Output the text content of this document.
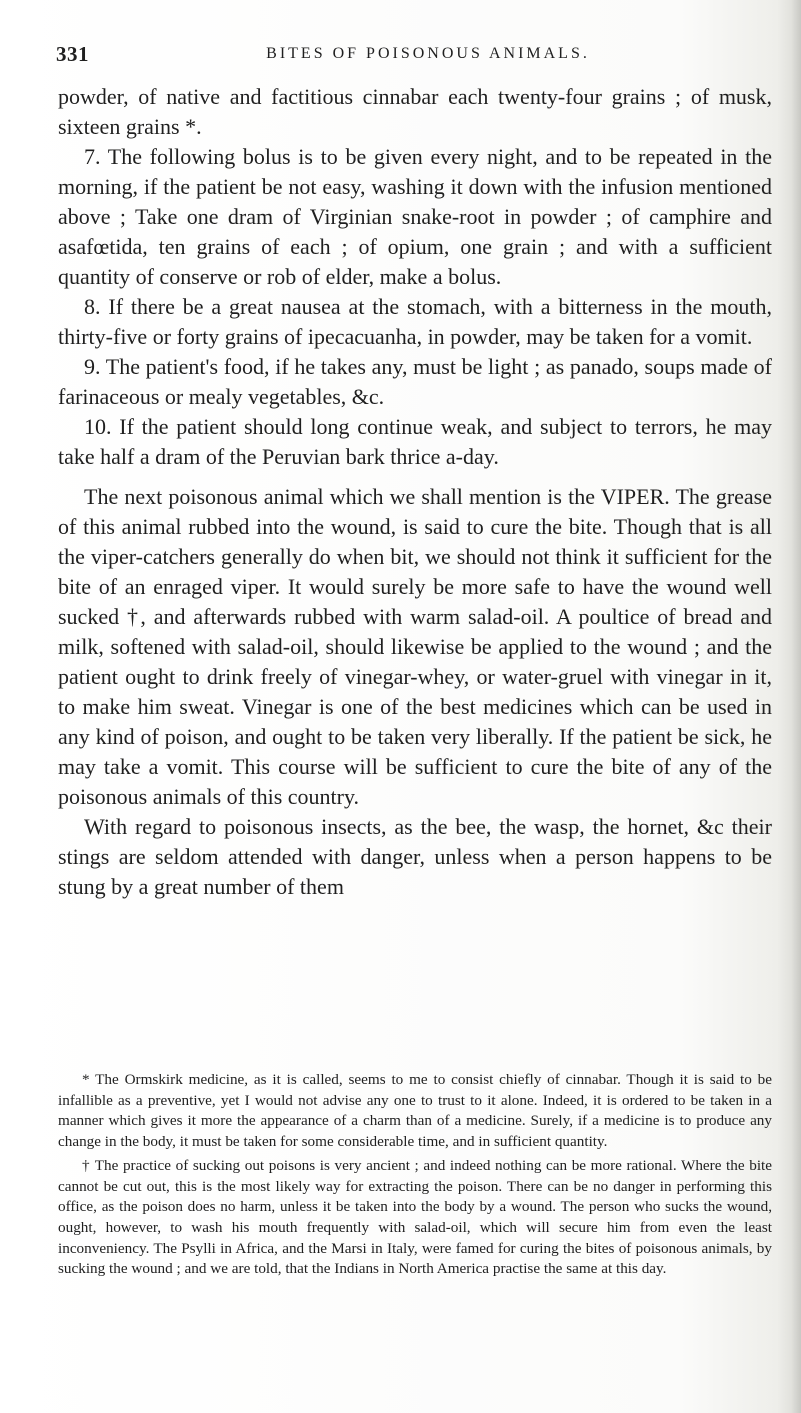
331	BITES OF POISONOUS ANIMALS.

powder, of native and factitious cinnabar each twenty-four grains ; of musk, sixteen grains *.

7. The following bolus is to be given every night, and to be repeated in the morning, if the patient be not easy, washing it down with the infusion mentioned above ; Take one dram of Virginian snake-root in powder ; of camphire and asafœtida, ten grains of each ; of opium, one grain ; and with a sufficient quantity of conserve or rob of elder, make a bolus.

8. If there be a great nausea at the stomach, with a bitterness in the mouth, thirty-five or forty grains of ipecacuanha, in powder, may be taken for a vomit.

9. The patient's food, if he takes any, must be light ; as panado, soups made of farinaceous or mealy vegetables, &c.

10. If the patient should long continue weak, and subject to terrors, he may take half a dram of the Peruvian bark thrice a-day.

The next poisonous animal which we shall mention is the VIPER. The grease of this animal rubbed into the wound, is said to cure the bite. Though that is all the viper-catchers generally do when bit, we should not think it sufficient for the bite of an enraged viper. It would surely be more safe to have the wound well sucked †, and afterwards rubbed with warm salad-oil. A poultice of bread and milk, softened with salad-oil, should likewise be applied to the wound ; and the patient ought to drink freely of vinegar-whey, or water-gruel with vinegar in it, to make him sweat. Vinegar is one of the best medicines which can be used in any kind of poison, and ought to be taken very liberally. If the patient be sick, he may take a vomit. This course will be sufficient to cure the bite of any of the poisonous animals of this country.

With regard to poisonous insects, as the bee, the wasp, the hornet, &c their stings are seldom attended with danger, unless when a person happens to be stung by a great number of them

* The Ormskirk medicine, as it is called, seems to me to consist chiefly of cinnabar. Though it is said to be infallible as a preventive, yet I would not advise any one to trust to it alone. Indeed, it is ordered to be taken in a manner which gives it more the appearance of a charm than of a medicine. Surely, if a medicine is to produce any change in the body, it must be taken for some considerable time, and in sufficient quantity.

† The practice of sucking out poisons is very ancient ; and indeed nothing can be more rational. Where the bite cannot be cut out, this is the most likely way for extracting the poison. There can be no danger in performing this office, as the poison does no harm, unless it be taken into the body by a wound. The person who sucks the wound, ought, however, to wash his mouth frequently with salad-oil, which will secure him from even the least inconveniency. The Psylli in Africa, and the Marsi in Italy, were famed for curing the bites of poisonous animals, by sucking the wound ; and we are told, that the Indians in North America practise the same at this day.
